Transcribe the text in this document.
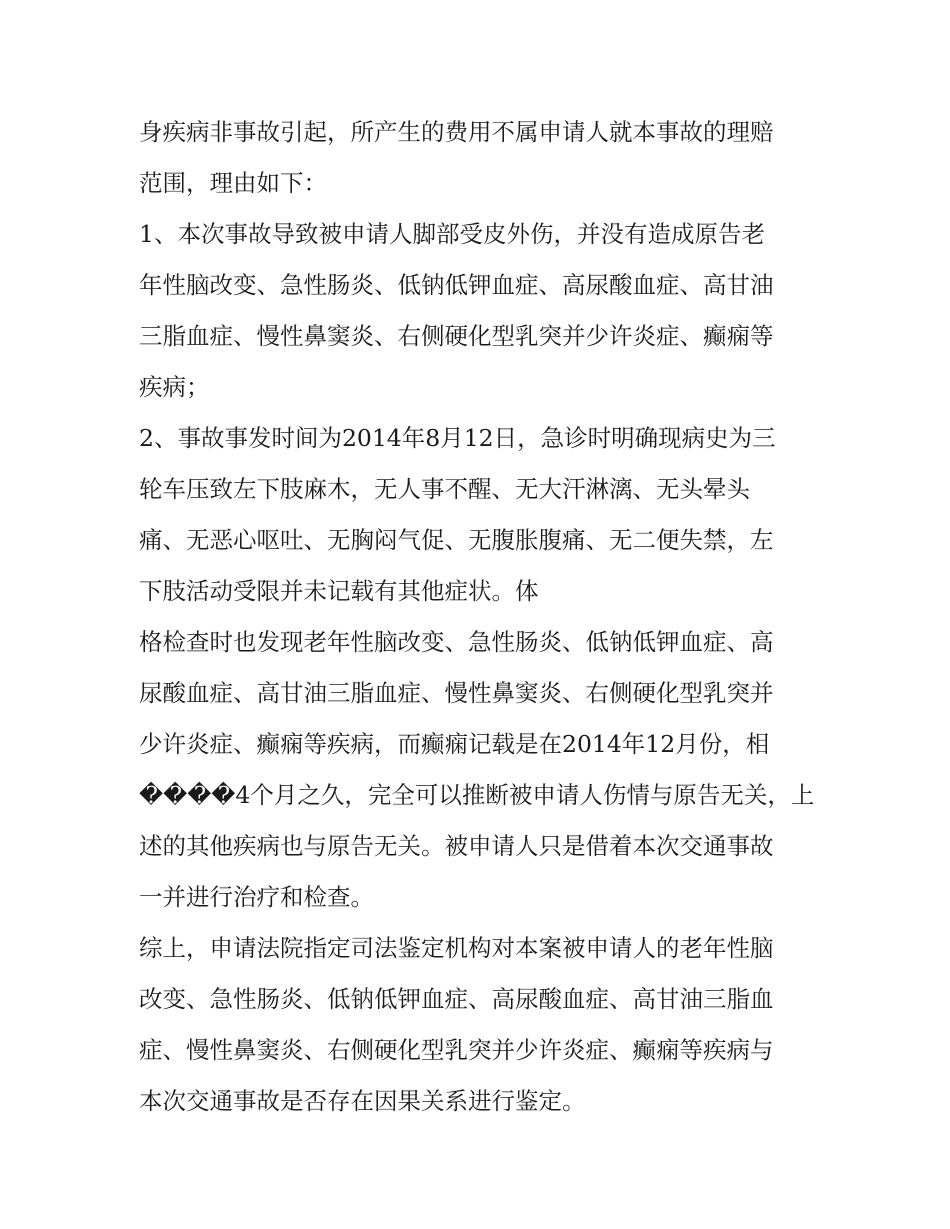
身疾病非事故引起，所产生的费用不属申请人就本事故的理赔
范围，理由如下：
1、本次事故导致被申请人脚部受皮外伤，并没有造成原告老
年性脑改变、急性肠炎、低钠低钾血症、高尿酸血症、高甘油
三脂血症、慢性鼻窦炎、右侧硬化型乳突并少许炎症、癫痫等
疾病；
2、事故事发时间为2014年8月12日，急诊时明确现病史为三
轮车压致左下肢麻木，无人事不醒、无大汗淋漓、无头晕头
痛、无恶心呕吐、无胸闷气促、无腹胀腹痛、无二便失禁，左
下肢活动受限并未记载有其他症状。体
格检查时也发现老年性脑改变、急性肠炎、低钠低钾血症、高
尿酸血症、高甘油三脂血症、慢性鼻窦炎、右侧硬化型乳突并
少许炎症、癫痫等疾病，而癫痫记载是在2014年12月份，相
����4个月之久，完全可以推断被申请人伤情与原告无关，上
述的其他疾病也与原告无关。被申请人只是借着本次交通事故
一并进行治疗和检查。
综上，申请法院指定司法鉴定机构对本案被申请人的老年性脑
改变、急性肠炎、低钠低钾血症、高尿酸血症、高甘油三脂血
症、慢性鼻窦炎、右侧硬化型乳突并少许炎症、癫痫等疾病与
本次交通事故是否存在因果关系进行鉴定。
